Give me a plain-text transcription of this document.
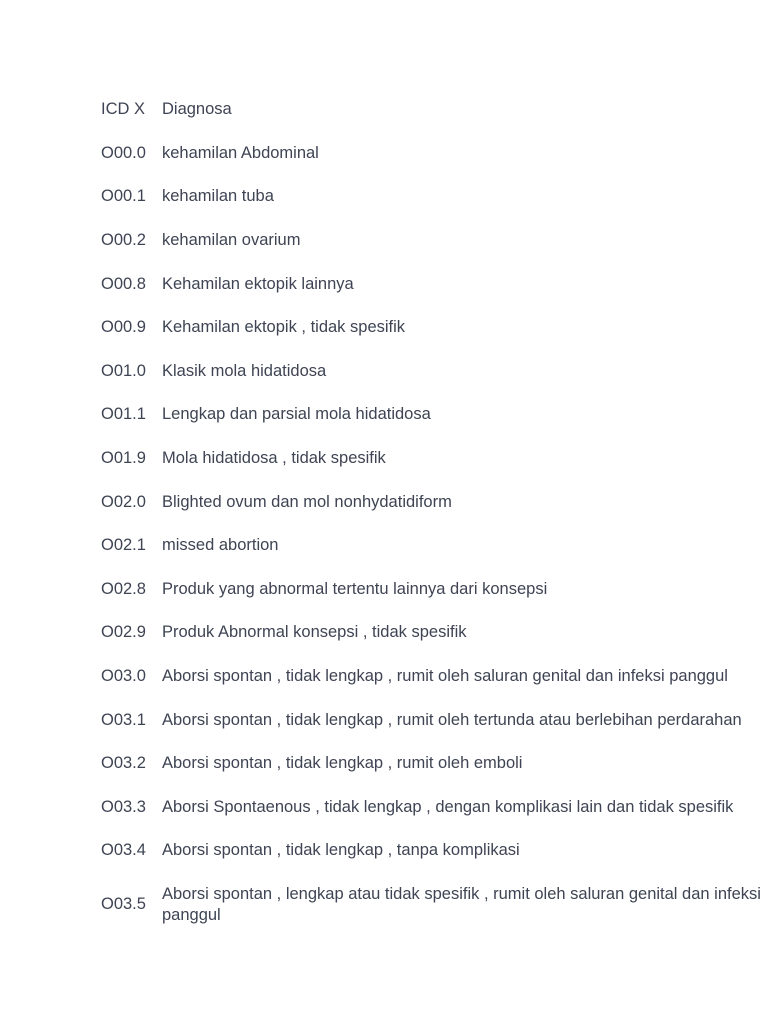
ICD X	Diagnosa
O00.0 kehamilan Abdominal
O00.1 kehamilan tuba
O00.2 kehamilan ovarium
O00.8 Kehamilan ektopik lainnya
O00.9 Kehamilan ektopik , tidak spesifik
O01.0 Klasik mola hidatidosa
O01.1 Lengkap dan parsial mola hidatidosa
O01.9 Mola hidatidosa , tidak spesifik
O02.0 Blighted ovum dan mol nonhydatidiform
O02.1 missed abortion
O02.8 Produk yang abnormal tertentu lainnya dari konsepsi
O02.9 Produk Abnormal konsepsi , tidak spesifik
O03.0 Aborsi spontan , tidak lengkap , rumit oleh saluran genital dan infeksi panggul
O03.1 Aborsi spontan , tidak lengkap , rumit oleh tertunda atau berlebihan perdarahan
O03.2 Aborsi spontan , tidak lengkap , rumit oleh emboli
O03.3 Aborsi Spontaenous , tidak lengkap , dengan komplikasi lain dan tidak spesifik
O03.4 Aborsi spontan , tidak lengkap , tanpa komplikasi
O03.5
Aborsi spontan , lengkap atau tidak spesifik , rumit oleh saluran genital dan infeksi
panggul
